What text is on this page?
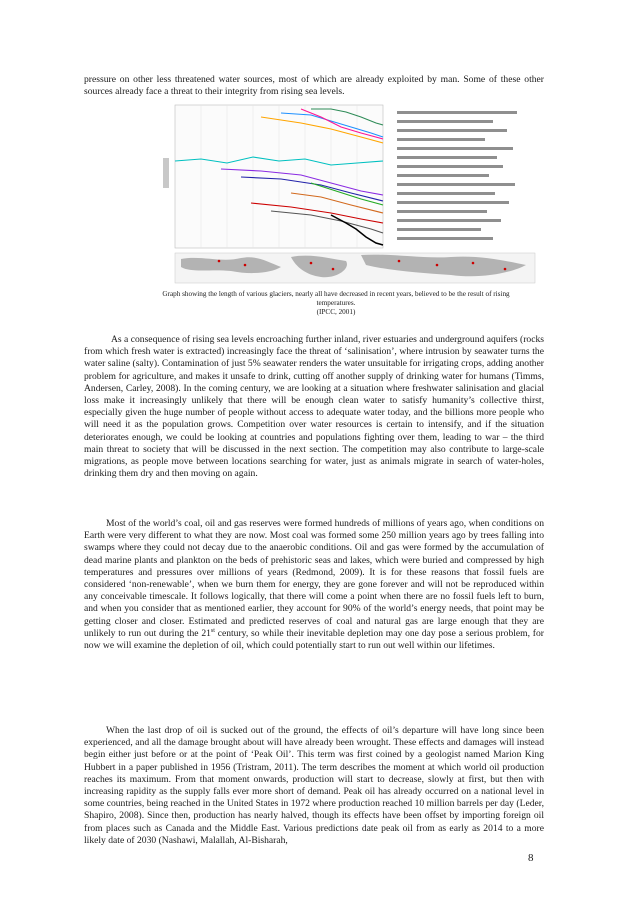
pressure on other less threatened water sources, most of which are already exploited by man. Some of these other sources already face a threat to their integrity from rising sea levels.

Graph showing the length of various glaciers, nearly all have decreased in recent years, believed to be the result of rising temperatures.
(IPCC, 2001)

As a consequence of rising sea levels encroaching further inland, river estuaries and underground aquifers (rocks from which fresh water is extracted) increasingly face the threat of ‘salinisation’, where intrusion by seawater turns the water saline (salty). Contamination of just 5% seawater renders the water unsuitable for irrigating crops, adding another problem for agriculture, and makes it unsafe to drink, cutting off another supply of drinking water for humans (Timms, Andersen, Carley, 2008). In the coming century, we are looking at a situation where freshwater salinisation and glacial loss make it increasingly unlikely that there will be enough clean water to satisfy humanity’s collective thirst, especially given the huge number of people without access to adequate water today, and the billions more people who will need it as the population grows. Competition over water resources is certain to intensify, and if the situation deteriorates enough, we could be looking at countries and populations fighting over them, leading to war – the third main threat to society that will be discussed in the next section. The competition may also contribute to large-scale migrations, as people move between locations searching for water, just as animals migrate in search of water-holes, drinking them dry and then moving on again.

Most of the world’s coal, oil and gas reserves were formed hundreds of millions of years ago, when conditions on Earth were very different to what they are now. Most coal was formed some 250 million years ago by trees falling into swamps where they could not decay due to the anaerobic conditions. Oil and gas were formed by the accumulation of dead marine plants and plankton on the beds of prehistoric seas and lakes, which were buried and compressed by high temperatures and pressures over millions of years (Redmond, 2009). It is for these reasons that fossil fuels are considered ‘non-renewable’, when we burn them for energy, they are gone forever and will not be reproduced within any conceivable timescale. It follows logically, that there will come a point when there are no fossil fuels left to burn, and when you consider that as mentioned earlier, they account for 90% of the world’s energy needs, that point may be getting closer and closer. Estimated and predicted reserves of coal and natural gas are large enough that they are unlikely to run out during the 21st century, so while their inevitable depletion may one day pose a serious problem, for now we will examine the depletion of oil, which could potentially start to run out well within our lifetimes.

When the last drop of oil is sucked out of the ground, the effects of oil’s departure will have long since been experienced, and all the damage brought about will have already been wrought. These effects and damages will instead begin either just before or at the point of ‘Peak Oil’. This term was first coined by a geologist named Marion King Hubbert in a paper published in 1956 (Tristram, 2011). The term describes the moment at which world oil production reaches its maximum. From that moment onwards, production will start to decrease, slowly at first, but then with increasing rapidity as the supply falls ever more short of demand. Peak oil has already occurred on a national level in some countries, being reached in the United States in 1972 where production reached 10 million barrels per day (Leder, Shapiro, 2008). Since then, production has nearly halved, though its effects have been offset by importing foreign oil from places such as Canada and the Middle East. Various predictions date peak oil from as early as 2014 to a more likely date of 2030 (Nashawi, Malallah, Al-Bisharah,

8
